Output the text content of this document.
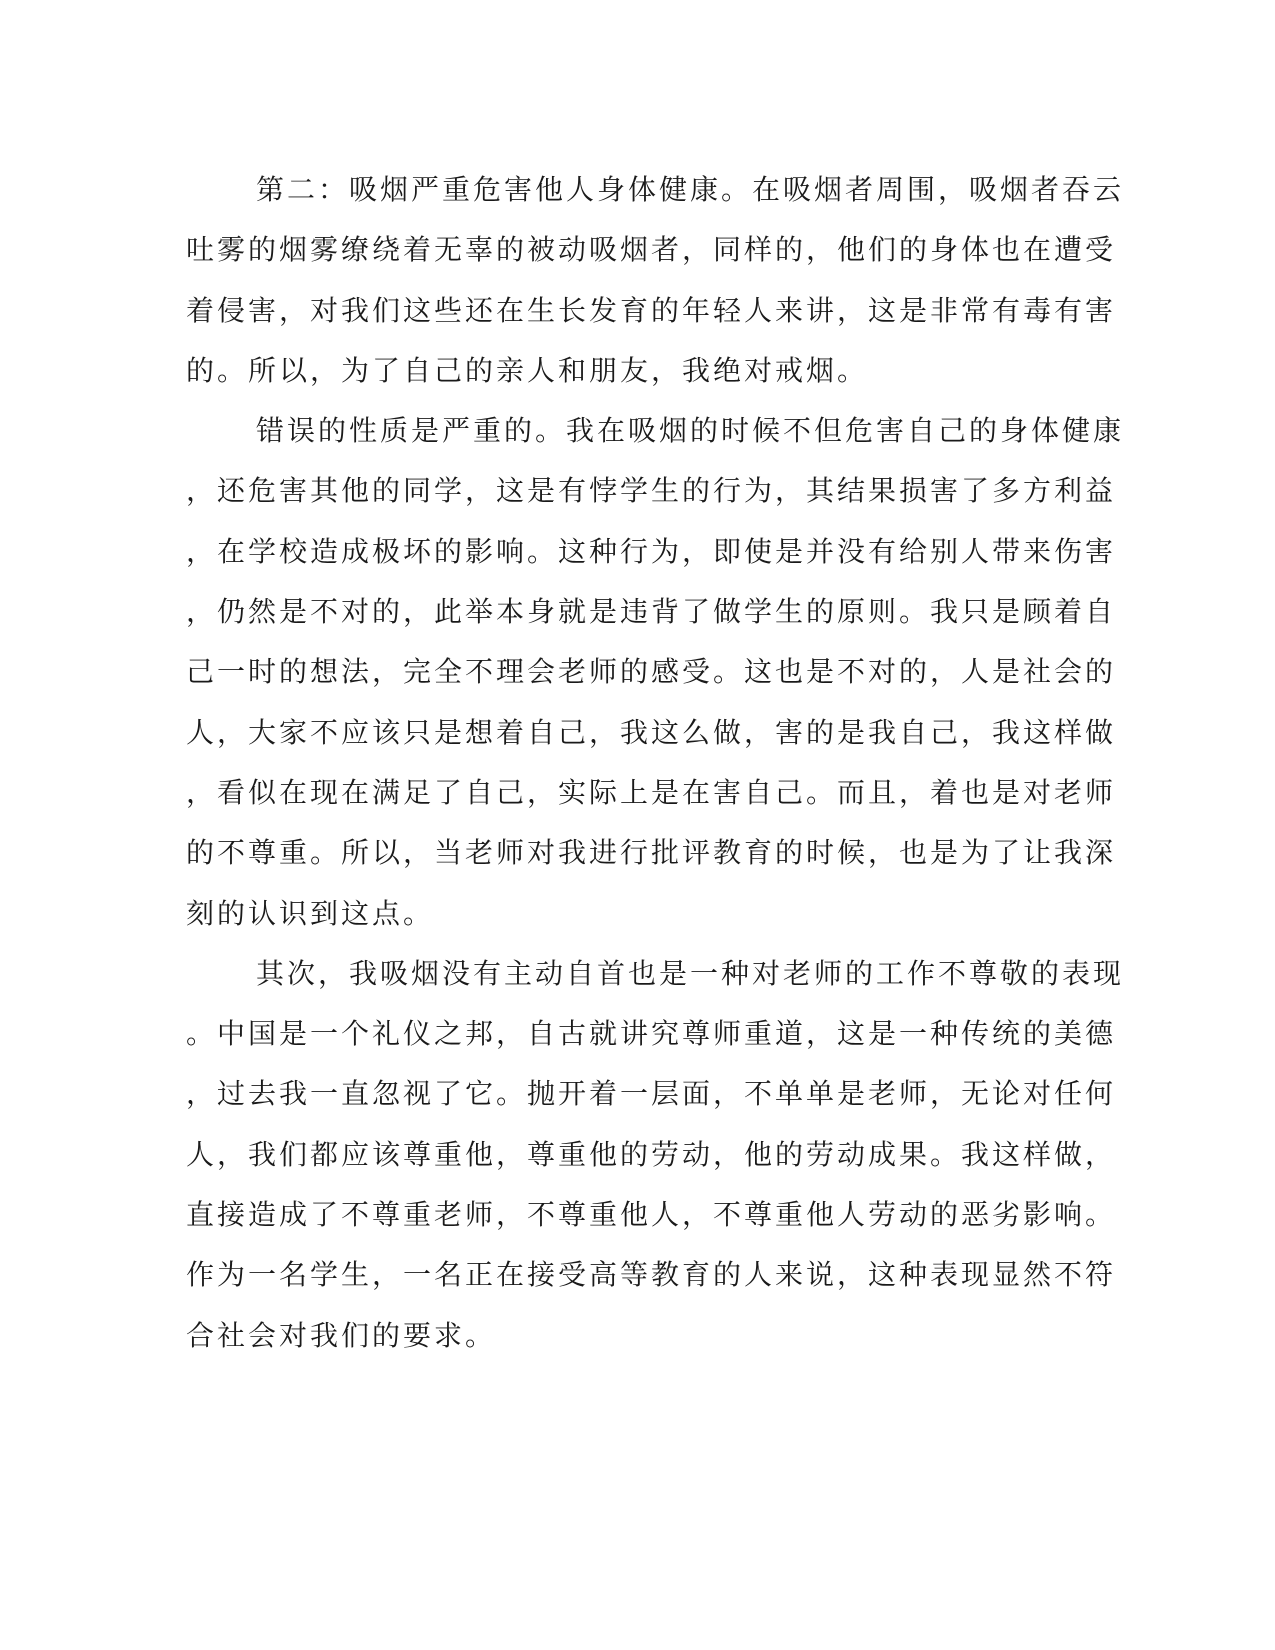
第二：吸烟严重危害他人身体健康。在吸烟者周围，吸烟者吞云
吐雾的烟雾缭绕着无辜的被动吸烟者，同样的，他们的身体也在遭受
着侵害，对我们这些还在生长发育的年轻人来讲，这是非常有毒有害
的。所以，为了自己的亲人和朋友，我绝对戒烟。
错误的性质是严重的。我在吸烟的时候不但危害自己的身体健康
，还危害其他的同学，这是有悖学生的行为，其结果损害了多方利益
，在学校造成极坏的影响。这种行为，即使是并没有给别人带来伤害
，仍然是不对的，此举本身就是违背了做学生的原则。我只是顾着自
己一时的想法，完全不理会老师的感受。这也是不对的，人是社会的
人，大家不应该只是想着自己，我这么做，害的是我自己，我这样做
，看似在现在满足了自己，实际上是在害自己。而且，着也是对老师
的不尊重。所以，当老师对我进行批评教育的时候，也是为了让我深
刻的认识到这点。
其次，我吸烟没有主动自首也是一种对老师的工作不尊敬的表现
。中国是一个礼仪之邦，自古就讲究尊师重道，这是一种传统的美德
，过去我一直忽视了它。抛开着一层面，不单单是老师，无论对任何
人，我们都应该尊重他，尊重他的劳动，他的劳动成果。我这样做，
直接造成了不尊重老师，不尊重他人，不尊重他人劳动的恶劣影响。
作为一名学生，一名正在接受高等教育的人来说，这种表现显然不符
合社会对我们的要求。
